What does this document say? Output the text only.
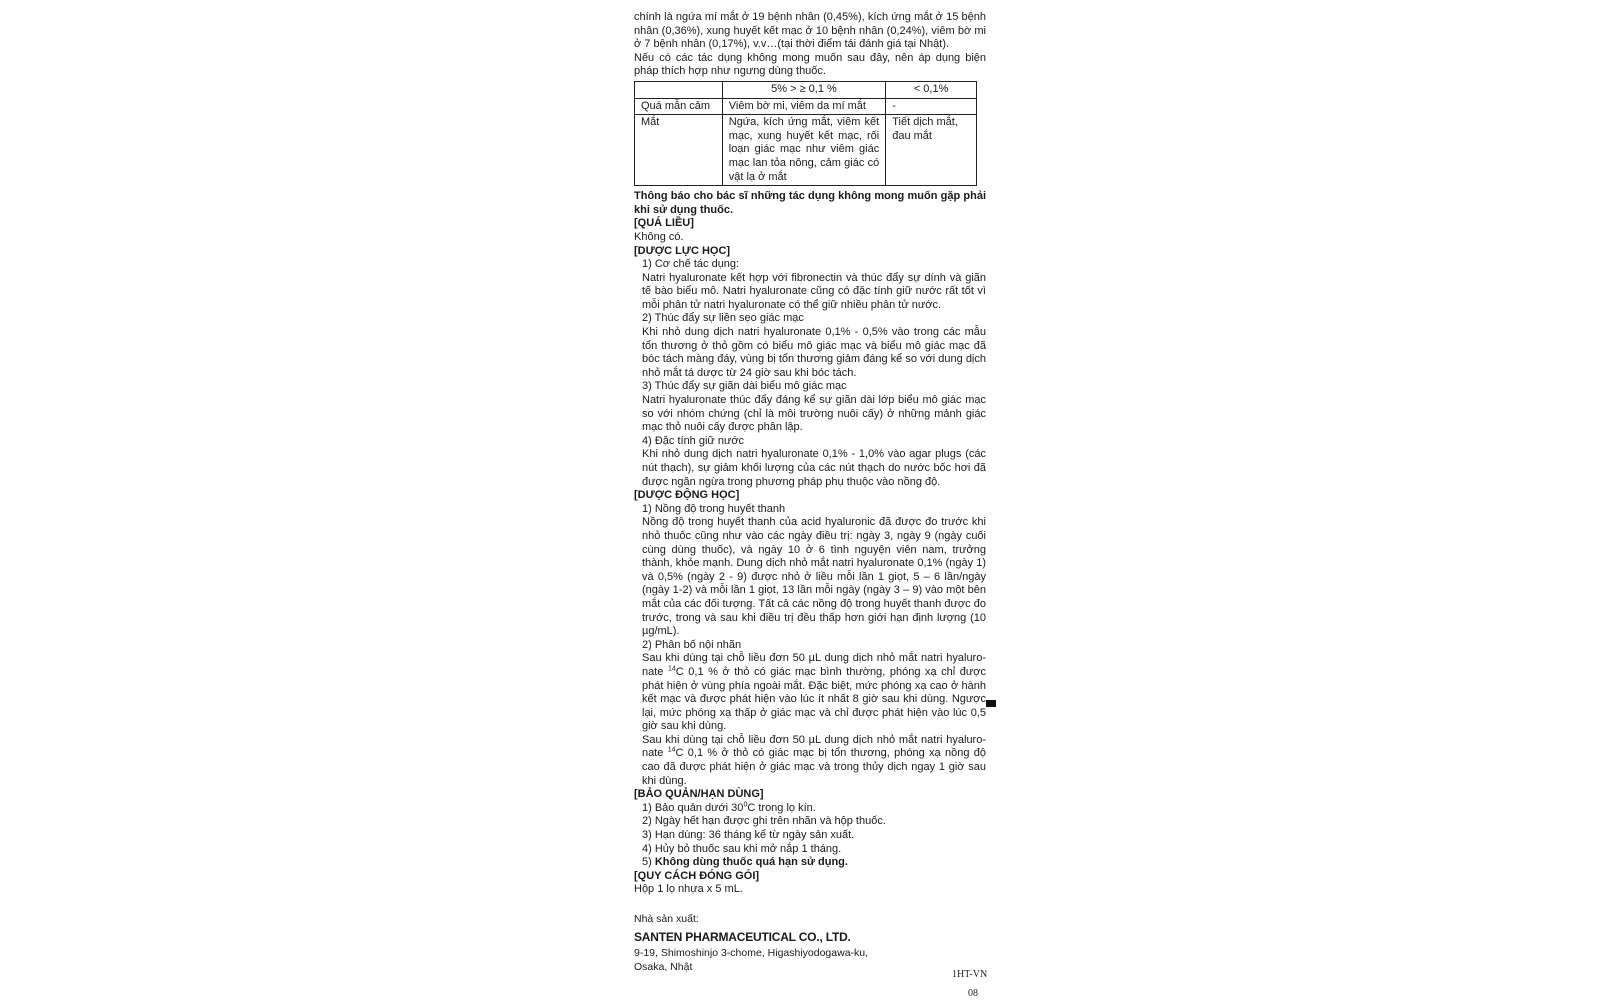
chính là ngứa mí mắt ở 19 bệnh nhân (0,45%), kích ứng mắt ở 15 bệnh nhân (0,36%), xung huyết kết mạc ở 10 bệnh nhân (0,24%), viêm bờ mi ở 7 bệnh nhân (0,17%), v.v…(tại thời điểm tái đánh giá tại Nhật).

Nếu có các tác dụng không mong muốn sau đây, nên áp dụng biện pháp thích hợp như ngưng dùng thuốc.

	5% > ≥ 0,1 %	< 0,1%
Quá mẫn cảm	Viêm bờ mi, viêm da mí mắt	-
Mắt	Ngứa, kích ứng mắt, viêm kết mạc, xung huyết kết mạc, rối loạn giác mạc như viêm giác mạc lan tỏa nông, cảm giác có vật lạ ở mắt	Tiết dịch mắt, đau mắt

Thông báo cho bác sĩ những tác dụng không mong muốn gặp phải khi sử dụng thuốc.

[QUÁ LIỀU]

Không có.

[DƯỢC LỰC HỌC]

1) Cơ chế tác dụng:

Natri hyaluronate kết hợp với fibronectin và thúc đẩy sự dính và giãn tế bào biểu mô. Natri hyaluronate cũng có đặc tính giữ nước rất tốt vì mỗi phân tử natri hyaluronate có thể giữ nhiều phân tử nước.

2) Thúc đẩy sự liền sẹo giác mạc

Khi nhỏ dung dịch natri hyaluronate 0,1% - 0,5% vào trong các mẫu tổn thương ở thỏ gồm có biểu mô giác mạc và biểu mô giác mạc đã bóc tách màng đáy, vùng bị tổn thương giảm đáng kể so với dung dịch nhỏ mắt tá dược từ 24 giờ sau khi bóc tách.

3) Thúc đẩy sự giãn dài biểu mô giác mạc

Natri hyaluronate thúc đẩy đáng kể sự giãn dài lớp biểu mô giác mạc so với nhóm chứng (chỉ là môi trường nuôi cấy) ở những mảnh giác mạc thỏ nuôi cấy được phân lập.

4) Đặc tính giữ nước

Khi nhỏ dung dịch natri hyaluronate 0,1% - 1,0% vào agar plugs (các nút thạch), sự giảm khối lượng của các nút thạch do nước bốc hơi đã được ngăn ngừa trong phương pháp phụ thuộc vào nồng độ.

[DƯỢC ĐỘNG HỌC]

1) Nồng độ trong huyết thanh

Nồng độ trong huyết thanh của acid hyaluronic đã được đo trước khi nhỏ thuốc cũng như vào các ngày điều trị: ngày 3, ngày 9 (ngày cuối cùng dùng thuốc), và ngày 10 ở 6 tình nguyện viên nam, trưởng thành, khỏe mạnh. Dung dịch nhỏ mắt natri hyaluronate 0,1% (ngày 1) và 0,5% (ngày 2 - 9) được nhỏ ở liều mỗi lần 1 giọt, 5 – 6 lần/ngày (ngày 1-2) và mỗi lần 1 giọt, 13 lần mỗi ngày (ngày 3 – 9) vào một bên mắt của các đối tượng. Tất cả các nồng độ trong huyết thanh được đo trước, trong và sau khi điều trị đều thấp hơn giới hạn định lượng (10 µg/mL).

2) Phân bố nội nhãn

Sau khi dùng tại chỗ liều đơn 50 µL dung dịch nhỏ mắt natri hyaluro-nate $^{14}$C 0,1 % ở thỏ có giác mạc bình thường, phóng xạ chỉ được phát hiện ở vùng phía ngoài mắt. Đặc biệt, mức phóng xạ cao ở hành kết mạc và được phát hiện vào lúc ít nhất 8 giờ sau khi dùng. Ngược lại, mức phóng xạ thấp ở giác mạc và chỉ được phát hiện vào lúc 0,5 giờ sau khi dùng.

Sau khi dùng tại chỗ liều đơn 50 µL dung dịch nhỏ mắt natri hyaluro-nate $^{14}$C 0,1 % ở thỏ có giác mạc bị tổn thương, phóng xạ nồng độ cao đã được phát hiện ở giác mạc và trong thủy dịch ngay 1 giờ sau khi dùng.

[BẢO QUẢN/HẠN DÙNG]

1) Bảo quản dưới $30^0C$ trong lọ kín.

2) Ngày hết hạn được ghi trên nhãn và hộp thuốc.

3) Hạn dùng: 36 tháng kể từ ngày sản xuất.

4) Hủy bỏ thuốc sau khi mở nắp 1 tháng.

5) Không dùng thuốc quá hạn sử dụng.

[QUY CÁCH ĐÓNG GÓI]

Hộp 1 lọ nhựa x 5 mL.

Nhà sản xuất:

SANTEN PHARMACEUTICAL CO., LTD.

9-19, Shimoshinjo 3-chome, Higashiyodogawa-ku,

Osaka, Nhật

1HT-VN
08
